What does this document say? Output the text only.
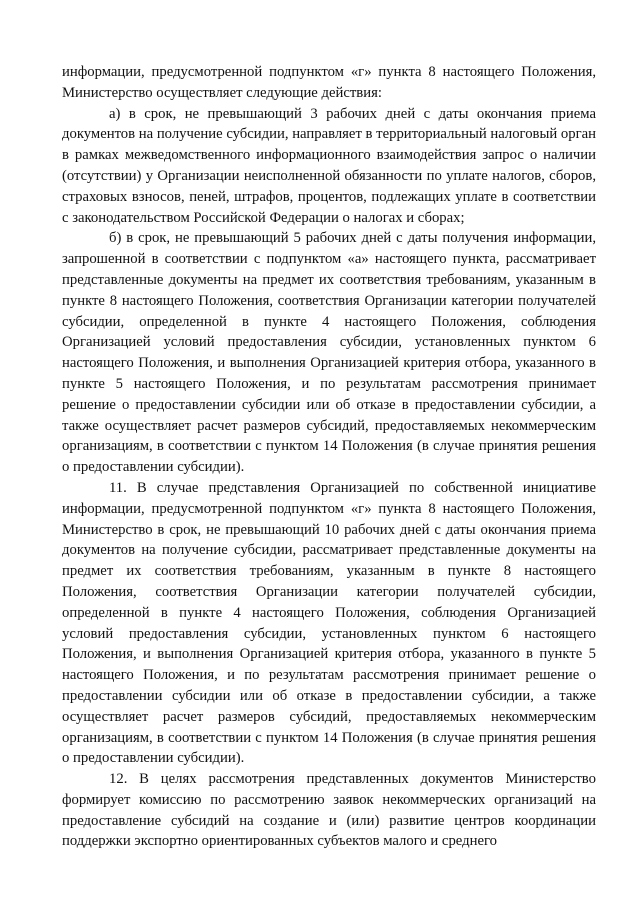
информации, предусмотренной подпунктом «г» пункта 8 настоящего Положения, Министерство осуществляет следующие действия:

а) в срок, не превышающий 3 рабочих дней с даты окончания приема документов на получение субсидии, направляет в территориальный налоговый орган в рамках межведомственного информационного взаимодействия запрос о наличии (отсутствии) у Организации неисполненной обязанности по уплате налогов, сборов, страховых взносов, пеней, штрафов, процентов, подлежащих уплате в соответствии с законодательством Российской Федерации о налогах и сборах;

б) в срок, не превышающий 5 рабочих дней с даты получения информации, запрошенной в соответствии с подпунктом «а» настоящего пункта, рассматривает представленные документы на предмет их соответствия требованиям, указанным в пункте 8 настоящего Положения, соответствия Организации категории получателей субсидии, определенной в пункте 4 настоящего Положения, соблюдения Организацией условий предоставления субсидии, установленных пунктом 6 настоящего Положения, и выполнения Организацией критерия отбора, указанного в пункте 5 настоящего Положения, и по результатам рассмотрения принимает решение о предоставлении субсидии или об отказе в предоставлении субсидии, а также осуществляет расчет размеров субсидий, предоставляемых некоммерческим организациям, в соответствии с пунктом 14 Положения (в случае принятия решения о предоставлении субсидии).

11. В случае представления Организацией по собственной инициативе информации, предусмотренной подпунктом «г» пункта 8 настоящего Положения, Министерство в срок, не превышающий 10 рабочих дней с даты окончания приема документов на получение субсидии, рассматривает представленные документы на предмет их соответствия требованиям, указанным в пункте 8 настоящего Положения, соответствия Организации категории получателей субсидии, определенной в пункте 4 настоящего Положения, соблюдения Организацией условий предоставления субсидии, установленных пунктом 6 настоящего Положения, и выполнения Организацией критерия отбора, указанного в пункте 5 настоящего Положения, и по результатам рассмотрения принимает решение о предоставлении субсидии или об отказе в предоставлении субсидии, а также осуществляет расчет размеров субсидий, предоставляемых некоммерческим организациям, в соответствии с пунктом 14 Положения (в случае принятия решения о предоставлении субсидии).

12. В целях рассмотрения представленных документов Министерство формирует комиссию по рассмотрению заявок некоммерческих организаций на предоставление субсидий на создание и (или) развитие центров координации поддержки экспортно ориентированных субъектов малого и среднего
